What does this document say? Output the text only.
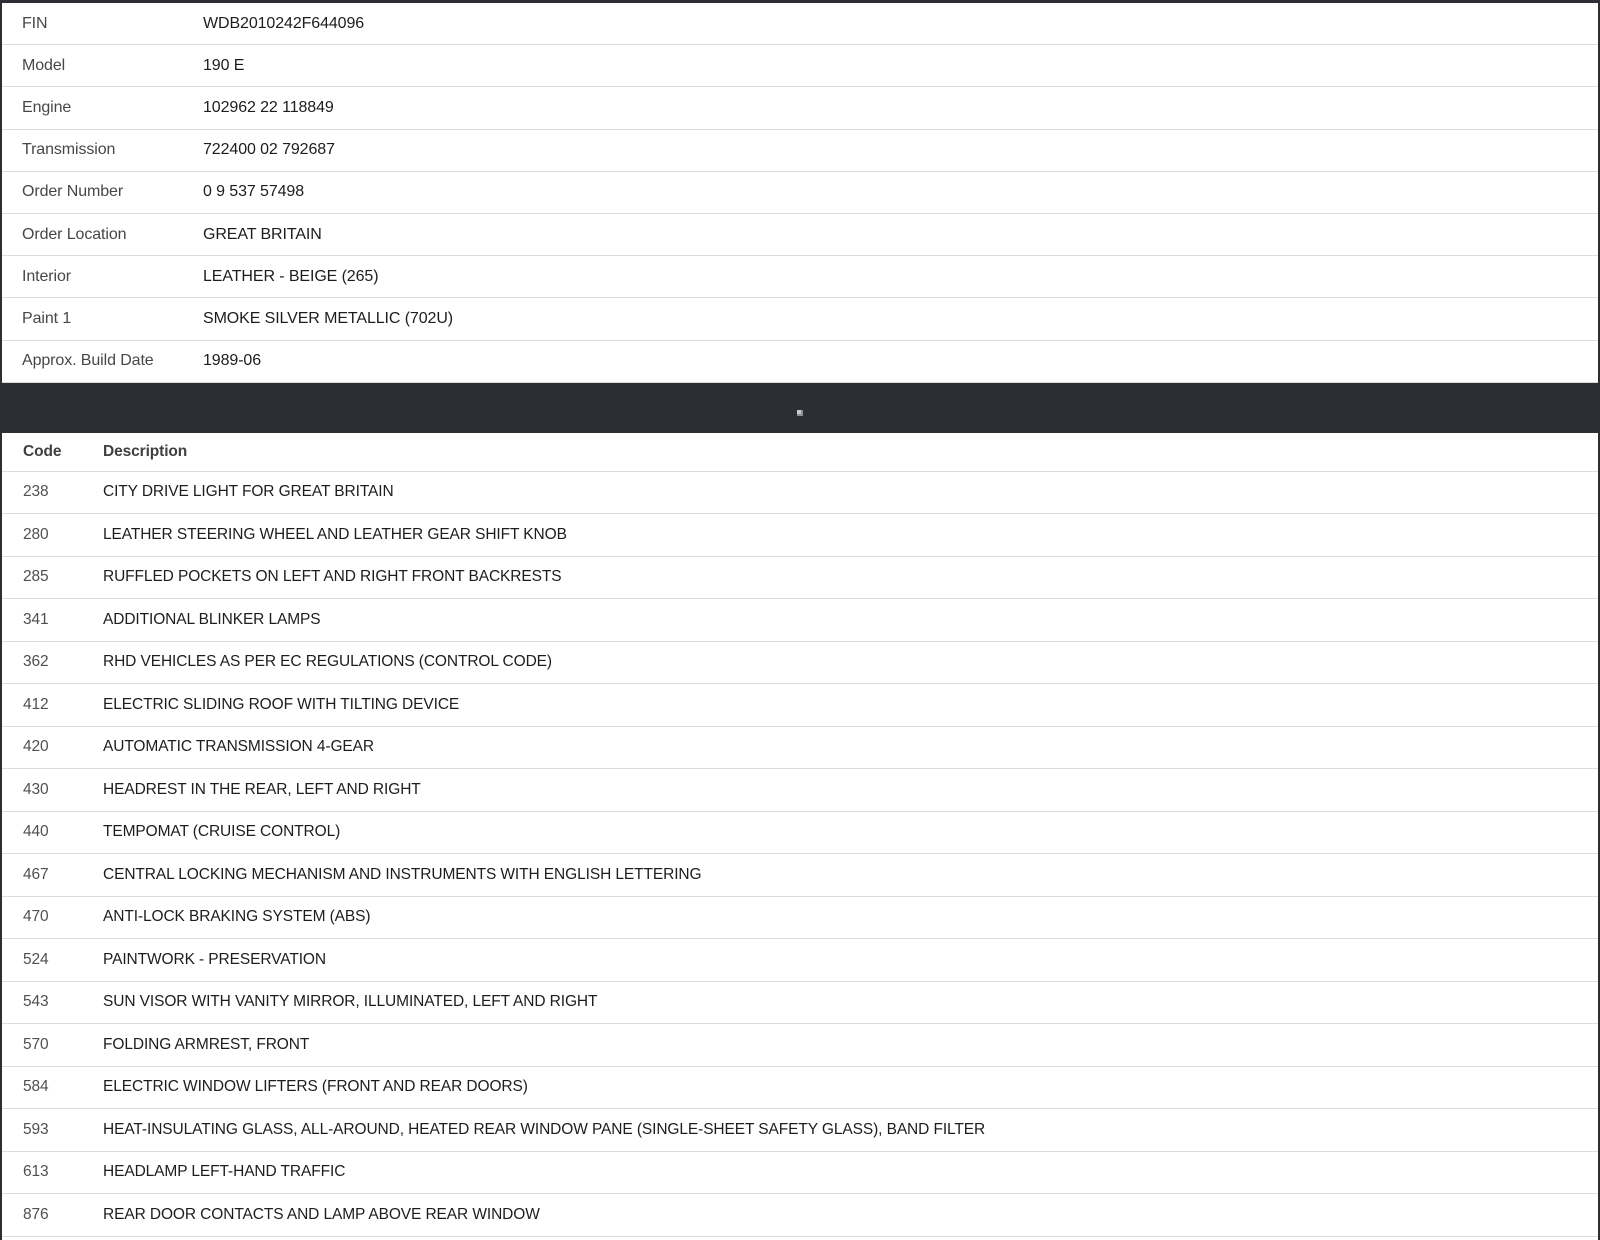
FIN	WDB2010242F644096
Model	190 E
Engine	102962 22 118849
Transmission	722400 02 792687
Order Number	0 9 537 57498
Order Location	GREAT BRITAIN
Interior	LEATHER - BEIGE (265)
Paint 1	SMOKE SILVER METALLIC (702U)
Approx. Build Date	1989-06
Code	Description
238	CITY DRIVE LIGHT FOR GREAT BRITAIN
280	LEATHER STEERING WHEEL AND LEATHER GEAR SHIFT KNOB
285	RUFFLED POCKETS ON LEFT AND RIGHT FRONT BACKRESTS
341	ADDITIONAL BLINKER LAMPS
362	RHD VEHICLES AS PER EC REGULATIONS (CONTROL CODE)
412	ELECTRIC SLIDING ROOF WITH TILTING DEVICE
420	AUTOMATIC TRANSMISSION 4-GEAR
430	HEADREST IN THE REAR, LEFT AND RIGHT
440	TEMPOMAT (CRUISE CONTROL)
467	CENTRAL LOCKING MECHANISM AND INSTRUMENTS WITH ENGLISH LETTERING
470	ANTI-LOCK BRAKING SYSTEM (ABS)
524	PAINTWORK - PRESERVATION
543	SUN VISOR WITH VANITY MIRROR, ILLUMINATED, LEFT AND RIGHT
570	FOLDING ARMREST, FRONT
584	ELECTRIC WINDOW LIFTERS (FRONT AND REAR DOORS)
593	HEAT-INSULATING GLASS, ALL-AROUND, HEATED REAR WINDOW PANE (SINGLE-SHEET SAFETY GLASS), BAND FILTER
613	HEADLAMP LEFT-HAND TRAFFIC
876	REAR DOOR CONTACTS AND LAMP ABOVE REAR WINDOW
